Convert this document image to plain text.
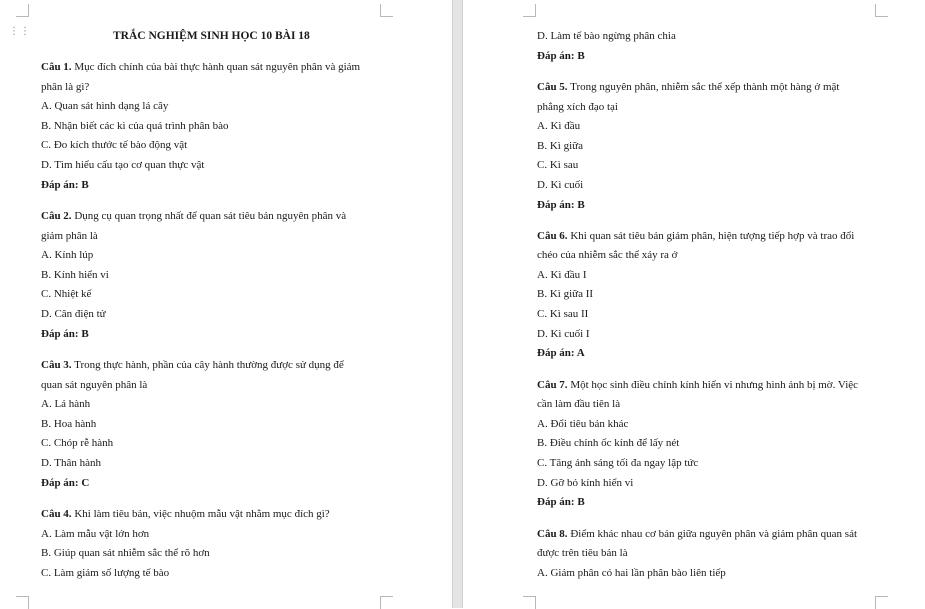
⋮⋮	TRẮC NGHIỆM SINH HỌC 10 BÀI 18
Câu 1. Mục đích chính của bài thực hành quan sát nguyên phân và giảm
phân là gì?
A. Quan sát hình dạng lá cây
B. Nhận biết các kì của quá trình phân bào
C. Đo kích thước tế bào động vật
D. Tìm hiểu cấu tạo cơ quan thực vật
Đáp án: B
Câu 2. Dụng cụ quan trọng nhất để quan sát tiêu bản nguyên phân và
giảm phân là
A. Kính lúp
B. Kính hiển vi
C. Nhiệt kế
D. Cân điện tử
Đáp án: B
Câu 3. Trong thực hành, phần của cây hành thường được sử dụng để
quan sát nguyên phân là
A. Lá hành
B. Hoa hành
C. Chóp rễ hành
D. Thân hành
Đáp án: C
Câu 4. Khi làm tiêu bản, việc nhuộm mẫu vật nhằm mục đích gì?
A. Làm mẫu vật lớn hơn
B. Giúp quan sát nhiễm sắc thể rõ hơn
C. Làm giảm số lượng tế bào
D. Làm tế bào ngừng phân chia
Đáp án: B
Câu 5. Trong nguyên phân, nhiễm sắc thể xếp thành một hàng ở mặt
phẳng xích đạo tại
A. Kì đầu
B. Kì giữa
C. Kì sau
D. Kì cuối
Đáp án: B
Câu 6. Khi quan sát tiêu bản giảm phân, hiện tượng tiếp hợp và trao đổi
chéo của nhiễm sắc thể xảy ra ở
A. Kì đầu I
B. Kì giữa II
C. Kì sau II
D. Kì cuối I
Đáp án: A
Câu 7. Một học sinh điều chỉnh kính hiển vi nhưng hình ảnh bị mờ. Việc
cần làm đầu tiên là
A. Đổi tiêu bản khác
B. Điều chỉnh ốc kính để lấy nét
C. Tăng ánh sáng tối đa ngay lập tức
D. Gỡ bỏ kính hiển vi
Đáp án: B
Câu 8. Điểm khác nhau cơ bản giữa nguyên phân và giảm phân quan sát
được trên tiêu bản là
A. Giảm phân có hai lần phân bào liên tiếp
